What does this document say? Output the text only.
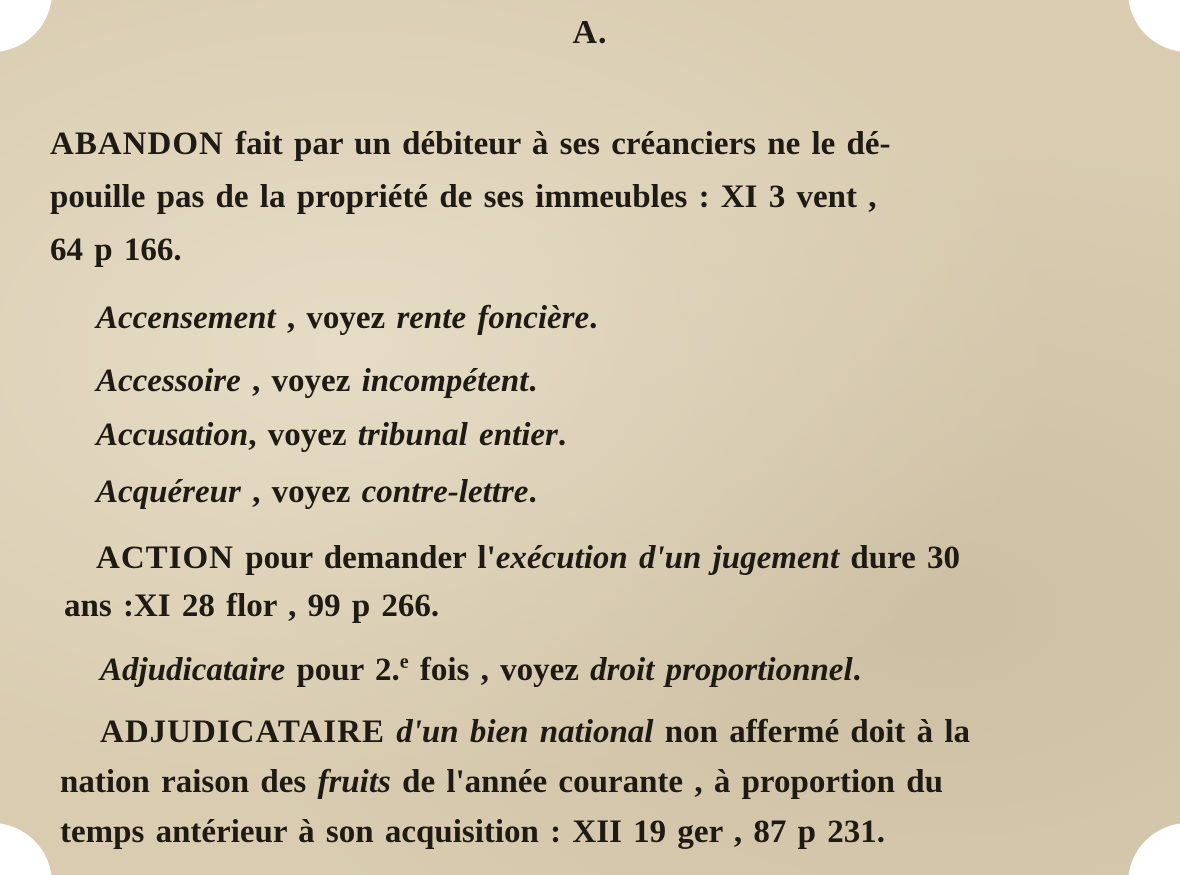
A.
ABANDON fait par un débiteur à ses créanciers ne le dé-
pouille pas de la propriété de ses immeubles : XI 3 vent ,
64 p 166.
Accensement , voyez rente foncière.
Accessoire , voyez incompétent.
Accusation, voyez tribunal entier.
Acquéreur , voyez contre-lettre.
ACTION pour demander l'exécution d'un jugement dure 30
ans :XI 28 flor , 99 p 266.
Adjudicataire pour 2.$^e$ fois , voyez droit proportionnel.
ADJUDICATAIRE d'un bien national non affermé doit à la
nation raison des fruits de l'année courante , à proportion du
temps antérieur à son acquisition : XII 19 ger , 87 p 231.
